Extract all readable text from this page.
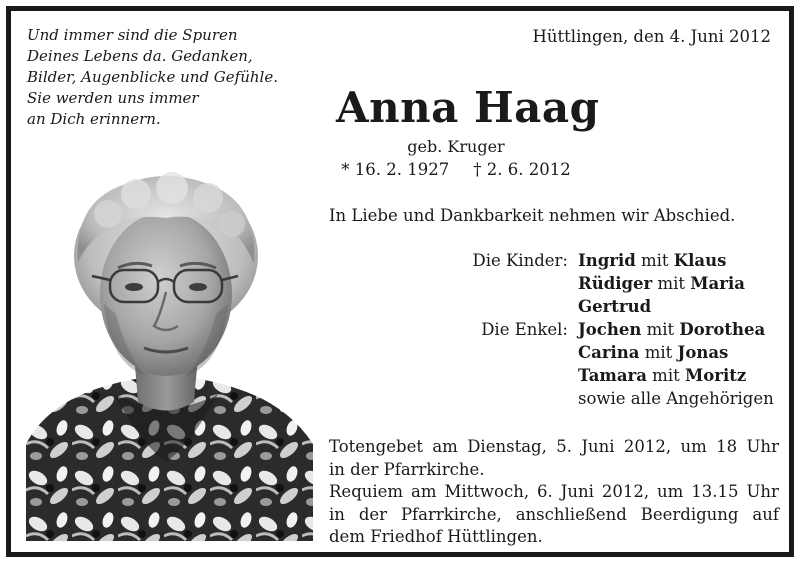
Und immer sind die Spuren
Deines Lebens da. Gedanken,
Bilder, Augenblicke und Gefühle.
Sie werden uns immer
an Dich erinnern.
Hüttlingen, den 4. Juni 2012
Anna Haag
geb. Kruger
* 16. 2. 1927 † 2. 6. 2012
In Liebe und Dankbarkeit nehmen wir Abschied.
Die Kinder: Ingrid mit Klaus
Rüdiger mit Maria
Gertrud
Die Enkel: Jochen mit Dorothea
Carina mit Jonas
Tamara mit Moritz
sowie alle Angehörigen
Totengebet am Dienstag, 5. Juni 2012, um 18 Uhr
in der Pfarrkirche.
Requiem am Mittwoch, 6. Juni 2012, um 13.15 Uhr
in der Pfarrkirche, anschließend Beerdigung auf
dem Friedhof Hüttlingen.
